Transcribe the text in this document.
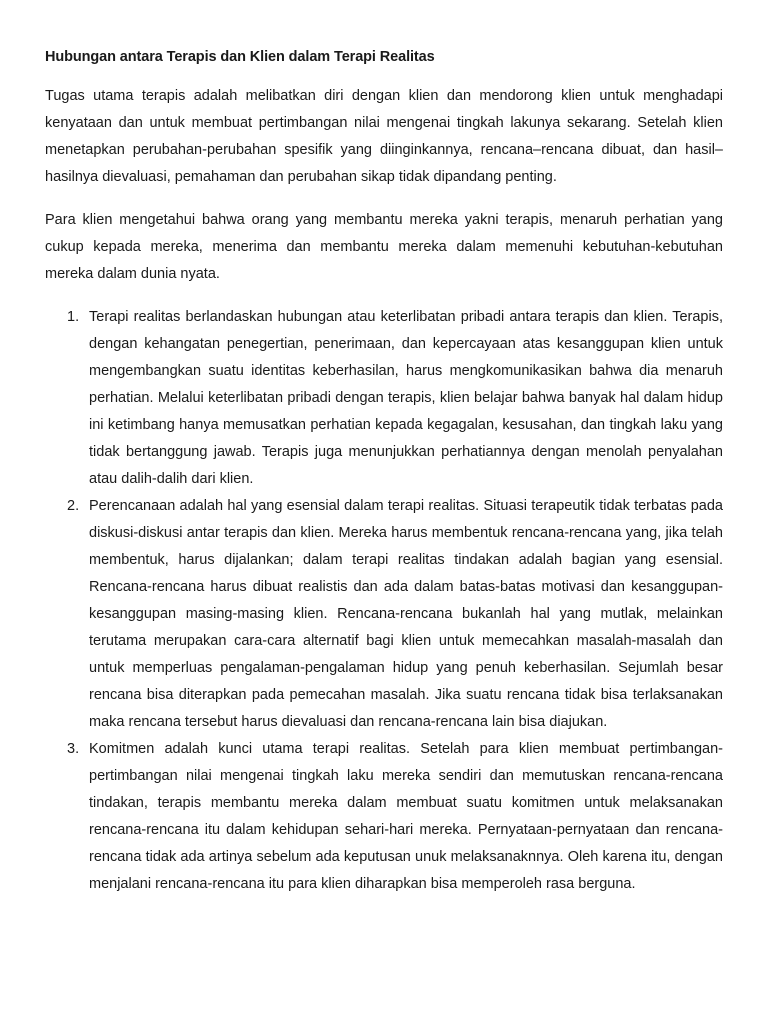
Hubungan antara Terapis dan Klien dalam Terapi Realitas

Tugas utama terapis adalah melibatkan diri dengan klien dan mendorong klien untuk menghadapi kenyataan dan untuk membuat pertimbangan nilai mengenai tingkah lakunya sekarang. Setelah klien menetapkan perubahan-perubahan spesifik yang diinginkannya, rencana–rencana dibuat, dan hasil–hasilnya dievaluasi, pemahaman dan perubahan sikap tidak dipandang penting.

Para klien mengetahui bahwa orang yang membantu mereka yakni terapis, menaruh perhatian yang cukup kepada mereka, menerima dan membantu mereka dalam memenuhi kebutuhan-kebutuhan mereka dalam dunia nyata.

1. Terapi realitas berlandaskan hubungan atau keterlibatan pribadi antara terapis dan klien. Terapis, dengan kehangatan penegertian, penerimaan, dan kepercayaan atas kesanggupan klien untuk mengembangkan suatu identitas keberhasilan, harus mengkomunikasikan bahwa dia menaruh perhatian. Melalui keterlibatan pribadi dengan terapis, klien belajar bahwa banyak hal dalam hidup ini ketimbang hanya memusatkan perhatian kepada kegagalan, kesusahan, dan tingkah laku yang tidak bertanggung jawab. Terapis juga menunjukkan perhatiannya dengan menolah penyalahan atau dalih-dalih dari klien.
2. Perencanaan adalah hal yang esensial dalam terapi realitas. Situasi terapeutik tidak terbatas pada diskusi-diskusi antar terapis dan klien. Mereka harus membentuk rencana-rencana yang, jika telah membentuk, harus dijalankan; dalam terapi realitas tindakan adalah bagian yang esensial. Rencana-rencana harus dibuat realistis dan ada dalam batas-batas motivasi dan kesanggupan-kesanggupan masing-masing klien. Rencana-rencana bukanlah hal yang mutlak, melainkan terutama merupakan cara-cara alternatif bagi klien untuk memecahkan masalah-masalah dan untuk memperluas pengalaman-pengalaman hidup yang penuh keberhasilan. Sejumlah besar rencana bisa diterapkan pada pemecahan masalah. Jika suatu rencana tidak bisa terlaksanakan maka rencana tersebut harus dievaluasi dan rencana-rencana lain bisa diajukan.
3. Komitmen adalah kunci utama terapi realitas. Setelah para klien membuat pertimbangan-pertimbangan nilai mengenai tingkah laku mereka sendiri dan memutuskan rencana-rencana tindakan, terapis membantu mereka dalam membuat suatu komitmen untuk melaksanakan rencana-rencana itu dalam kehidupan sehari-hari mereka. Pernyataan-pernyataan dan rencana-rencana tidak ada artinya sebelum ada keputusan unuk melaksanaknnya. Oleh karena itu, dengan menjalani rencana-rencana itu para klien diharapkan bisa memperoleh rasa berguna.
